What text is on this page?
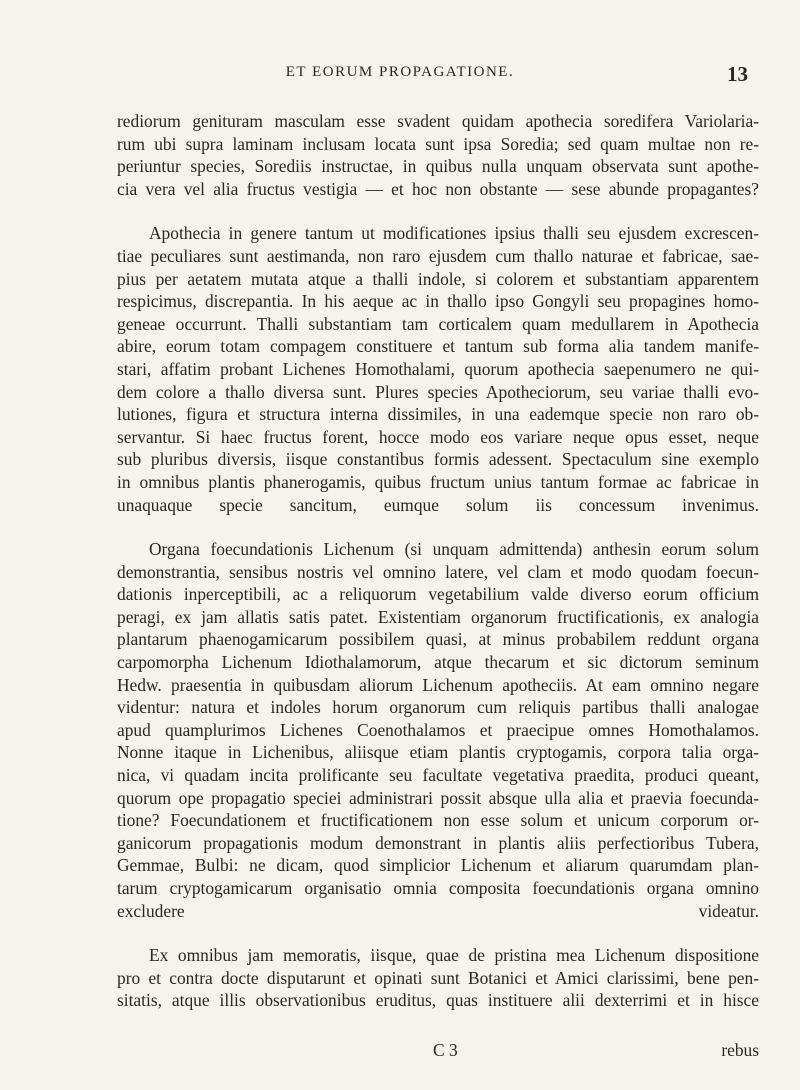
ET EORUM PROPAGATIONE.	13

rediorum genituram masculam esse svadent quidam apothecia soredifera Variolaria-
rum ubi supra laminam inclusam locata sunt ipsa Soredia; sed quam multae non re-
periuntur species, Sorediis instructae, in quibus nulla unquam observata sunt apothe-
cia vera vel alia fructus vestigia — et hoc non obstante — sese abunde propagantes?

Apothecia in genere tantum ut modificationes ipsius thalli seu ejusdem excrescen-
tiae peculiares sunt aestimanda, non raro ejusdem cum thallo naturae et fabricae, sae-
pius per aetatem mutata atque a thalli indole, si colorem et substantiam apparentem
respicimus, discrepantia. In his aeque ac in thallo ipso Gongyli seu propagines homo-
geneae occurrunt. Thalli substantiam tam corticalem quam medullarem in Apothecia
abire, eorum totam compagem constituere et tantum sub forma alia tandem manife-
stari, affatim probant Lichenes Homothalami, quorum apothecia saepenumero ne qui-
dem colore a thallo diversa sunt. Plures species Apotheciorum, seu variae thalli evo-
lutiones, figura et structura interna dissimiles, in una eademque specie non raro ob-
servantur. Si haec fructus forent, hocce modo eos variare neque opus esset, neque
sub pluribus diversis, iisque constantibus formis adessent. Spectaculum sine exemplo
in omnibus plantis phanerogamis, quibus fructum unius tantum formae ac fabricae in
unaquaque specie sancitum, eumque solum iis concessum invenimus.

Organa foecundationis Lichenum (si unquam admittenda) anthesin eorum solum
demonstrantia, sensibus nostris vel omnino latere, vel clam et modo quodam foecun-
dationis inperceptibili, ac a reliquorum vegetabilium valde diverso eorum officium
peragi, ex jam allatis satis patet. Existentiam organorum fructificationis, ex analogia
plantarum phaenogamicarum possibilem quasi, at minus probabilem reddunt organa
carpomorpha Lichenum Idiothalamorum, atque thecarum et sic dictorum seminum
Hedw. praesentia in quibusdam aliorum Lichenum apotheciis. At eam omnino negare
videntur: natura et indoles horum organorum cum reliquis partibus thalli analogae
apud quamplurimos Lichenes Coenothalamos et praecipue omnes Homothalamos.
Nonne itaque in Lichenibus, aliisque etiam plantis cryptogamis, corpora talia orga-
nica, vi quadam incita prolificante seu facultate vegetativa praedita, produci queant,
quorum ope propagatio speciei administrari possit absque ulla alia et praevia foecunda-
tione? Foecundationem et fructificationem non esse solum et unicum corporum or-
ganicorum propagationis modum demonstrant in plantis aliis perfectioribus Tubera,
Gemmae, Bulbi: ne dicam, quod simplicior Lichenum et aliarum quarumdam plan-
tarum cryptogamicarum organisatio omnia composita foecundationis organa omnino
excludere videatur.

Ex omnibus jam memoratis, iisque, quae de pristina mea Lichenum dispositione
pro et contra docte disputarunt et opinati sunt Botanici et Amici clarissimi, bene pen-
sitatis, atque illis observationibus eruditus, quas instituere alii dexterrimi et in hisce

C 3	rebus
